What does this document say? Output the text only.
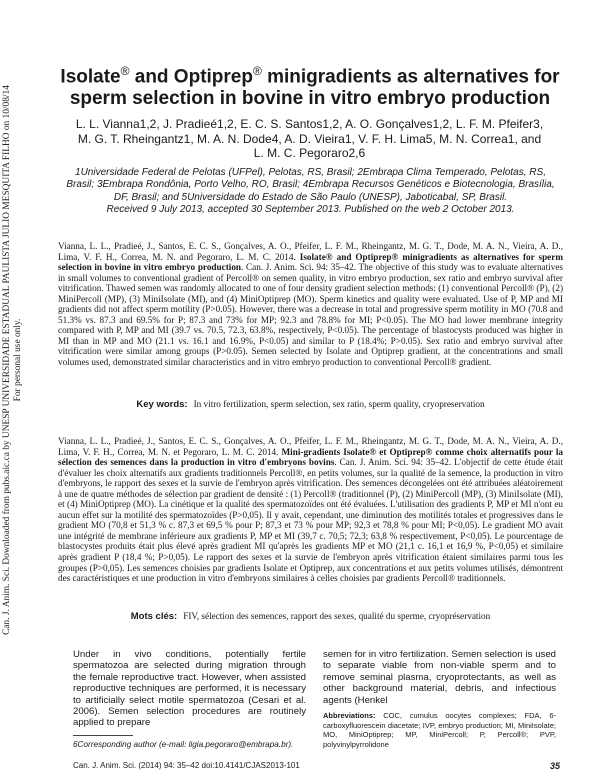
Can. J. Anim. Sci. Downloaded from pubs.aic.ca by UNESP UNIVERSIDADE ESTADUAL PAULISTA JULIO MESQUITA FILHO on 10/08/14 For personal use only.
Isolate® and Optiprep® minigradients as alternatives for
sperm selection in bovine in vitro embryo production
L. L. Vianna1,2, J. Pradieé1,2, E. C. S. Santos1,2, A. O. Gonçalves1,2, L. F. M. Pfeifer3,
M. G. T. Rheingantz1, M. A. N. Dode4, A. D. Vieira1, V. F. H. Lima5, M. N. Correa1, and
L. M. C. Pegoraro2,6
1Universidade Federal de Pelotas (UFPel), Pelotas, RS, Brasil; 2Embrapa Clima Temperado, Pelotas, RS,
Brasil; 3Embrapa Rondônia, Porto Velho, RO, Brasil; 4Embrapa Recursos Genéticos e Biotecnologia, Brasília,
DF, Brasil; and 5Universidade do Estado de São Paulo (UNESP), Jaboticabal, SP, Brasil.
Received 9 July 2013, accepted 30 September 2013. Published on the web 2 October 2013.
Vianna, L. L., Pradieé, J., Santos, E. C. S., Gonçalves, A. O., Pfeifer, L. F. M., Rheingantz, M. G. T., Dode, M. A. N., Vieira, A. D., Lima, V. F. H., Correa, M. N. and Pegoraro, L. M. C. 2014. Isolate® and Optiprep® minigradients as alternatives for sperm selection in bovine in vitro embryo production. Can. J. Anim. Sci. 94: 35–42. The objective of this study was to evaluate alternatives in small volumes to conventional gradient of Percoll® on semen quality, in vitro embryo production, sex ratio and embryo survival after vitrification. Thawed semen was randomly allocated to one of four density gradient selection methods: (1) conventional Percoll® (P), (2) MiniPercoll (MP), (3) MiniIsolate (MI), and (4) MiniOptiprep (MO). Sperm kinetics and quality were evaluated. Use of P, MP and MI gradients did not affect sperm motility (P>0.05). However, there was a decrease in total and progressive sperm motility in MO (70.8 and 51.3% vs. 87.3 and 69.5% for P; 87.3 and 73% for MP; 92.3 and 78.8% for MI; P<0.05). The MO had lower membrane integrity compared with P, MP and MI (39.7 vs. 70.5, 72.3, 63.8%, respectively, P<0.05). The percentage of blastocysts produced was higher in MI than in MP and MO (21.1 vs. 16.1 and 16.9%, P<0.05) and similar to P (18.4%; P>0.05). Sex ratio and embryo survival after vitrification were similar among groups (P>0.05). Semen selected by Isolate and Optiprep gradient, at the concentrations and small volumes used, demonstrated similar characteristics and in vitro embryo production to conventional Percoll® gradient.
Key words: In vitro fertilization, sperm selection, sex ratio, sperm quality, cryopreservation
Vianna, L. L., Pradieé, J., Santos, E. C. S., Gonçalves, A. O., Pfeifer, L. F. M., Rheingantz, M. G. T., Dode, M. A. N., Vieira, A. D., Lima, V. F. H., Correa, M. N. et Pegoraro, L. M. C. 2014. Mini-gradients Isolate® et Optiprep® comme choix alternatifs pour la sélection des semences dans la production in vitro d'embryons bovins. Can. J. Anim. Sci. 94: 35–42. L'objectif de cette étude était d'évaluer les choix alternatifs aux gradients traditionnels Percoll®, en petits volumes, sur la qualité de la semence, la production in vitro d'embryons, le rapport des sexes et la survie de l'embryon après vitrification. Des semences décongelées ont été attribuées aléatoirement à une de quatre méthodes de sélection par gradient de densité : (1) Percoll® (traditionnel (P), (2) MiniPercoll (MP), (3) MiniIsolate (MI), et (4) MiniOptiprep (MO). La cinétique et la qualité des spermatozoïdes ont été évaluées. L'utilisation des gradients P, MP et MI n'ont eu aucun effet sur la motilité des spermatozoïdes (P>0,05). Il y avait, cependant, une diminution des motilités totales et progressives dans le gradient MO (70,8 et 51,3 % c. 87,3 et 69,5 % pour P; 87,3 et 73 % pour MP; 92,3 et 78,8 % pour MI; P<0,05). Le gradient MO avait une intégrité de membrane inférieure aux gradients P, MP et MI (39,7 c. 70,5; 72,3; 63,8 % respectivement, P<0,05). Le pourcentage de blastocystes produits était plus élevé après gradient MI qu'après les gradients MP et MO (21,1 c. 16,1 et 16,9 %, P<0,05) et similaire après gradient P (18,4 %; P>0,05). Le rapport des sexes et la survie de l'embryon après vitrification étaient similaires parmi tous les groupes (P>0,05). Les semences choisies par gradients Isolate et Optiprep, aux concentrations et aux petits volumes utilisés, démontrent des caractéristiques et une production in vitro d'embryons similaires à celles choisies par gradients Percoll® traditionnels.
Mots clés: FIV, sélection des semences, rapport des sexes, qualité du sperme, cryopréservation
Under in vivo conditions, potentially fertile spermatozoa are selected during migration through the female reproductive tract. However, when assisted reproductive techniques are performed, it is necessary to artificially select motile spermatozoa (Cesari et al. 2006). Semen selection procedures are routinely applied to prepare
semen for in vitro fertilization. Semen selection is used to separate viable from non-viable sperm and to remove seminal plasma, cryoprotectants, as well as other background material, debris, and infectious agents (Henkel
6Corresponding author (e-mail: ligia.pegoraro@embrapa.br).
Abbreviations: COC, cumulus oocytes complexes; FDA, 6-carboxyfluorescein diacetate; IVP, embryo production; MI, MiniIsolate; MO, MiniOptiprep; MP, MiniPercoll; P, Percoll®; PVP, polyvinylpyrrolidone
Can. J. Anim. Sci. (2014) 94: 35–42 doi:10.4141/CJAS2013-101	35
